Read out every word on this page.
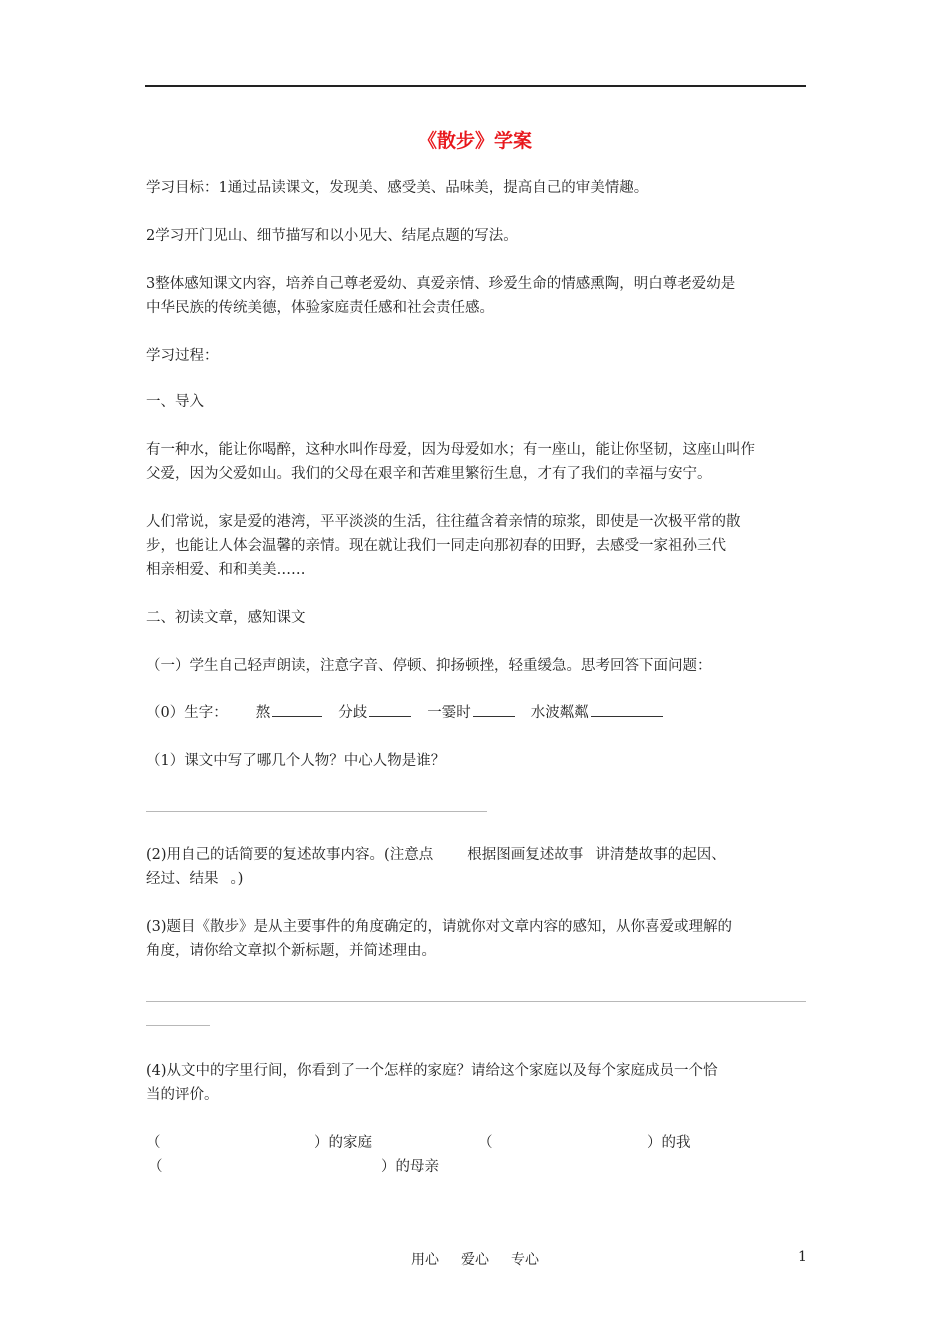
《散步》学案
学习目标：1通过品读课文，发现美、感受美、品味美，提高自己的审美情趣。
2学习开门见山、细节描写和以小见大、结尾点题的写法。
3整体感知课文内容，培养自己尊老爱幼、真爱亲情、珍爱生命的情感熏陶，明白尊老爱幼是
中华民族的传统美德，体验家庭责任感和社会责任感。
学习过程：
一、导入
有一种水，能让你喝醉，这种水叫作母爱，因为母爱如水；有一座山，能让你坚韧，这座山叫作
父爱，因为父爱如山。我们的父母在艰辛和苦难里繁衍生息，才有了我们的幸福与安宁。
人们常说，家是爱的港湾，平平淡淡的生活，往往蕴含着亲情的琼浆，即使是一次极平常的散
步，也能让人体会温馨的亲情。现在就让我们一同走向那初春的田野，去感受一家祖孙三代
相亲相爱、和和美美……
二、初读文章，感知课文
（一）学生自己轻声朗读，注意字音、停顿、抑扬顿挫，轻重缓急。思考回答下面问题：
（0）生字： 熬	分歧	一霎时	水波粼粼
（1）课文中写了哪几个人物？中心人物是谁？
(2)用自己的话简要的复述故事内容。(注意点 根据图画复述故事 讲清楚故事的起因、
经过、结果 。)
(3)题目《散步》是从主要事件的角度确定的，请就你对文章内容的感知，从你喜爱或理解的
角度，请你给文章拟个新标题，并简述理由。
(4)从文中的字里行间，你看到了一个怎样的家庭？请给这个家庭以及每个家庭成员一个恰
当的评价。
（	）的家庭	（	）的我
（	）的母亲
用心 爱心 专心	1
